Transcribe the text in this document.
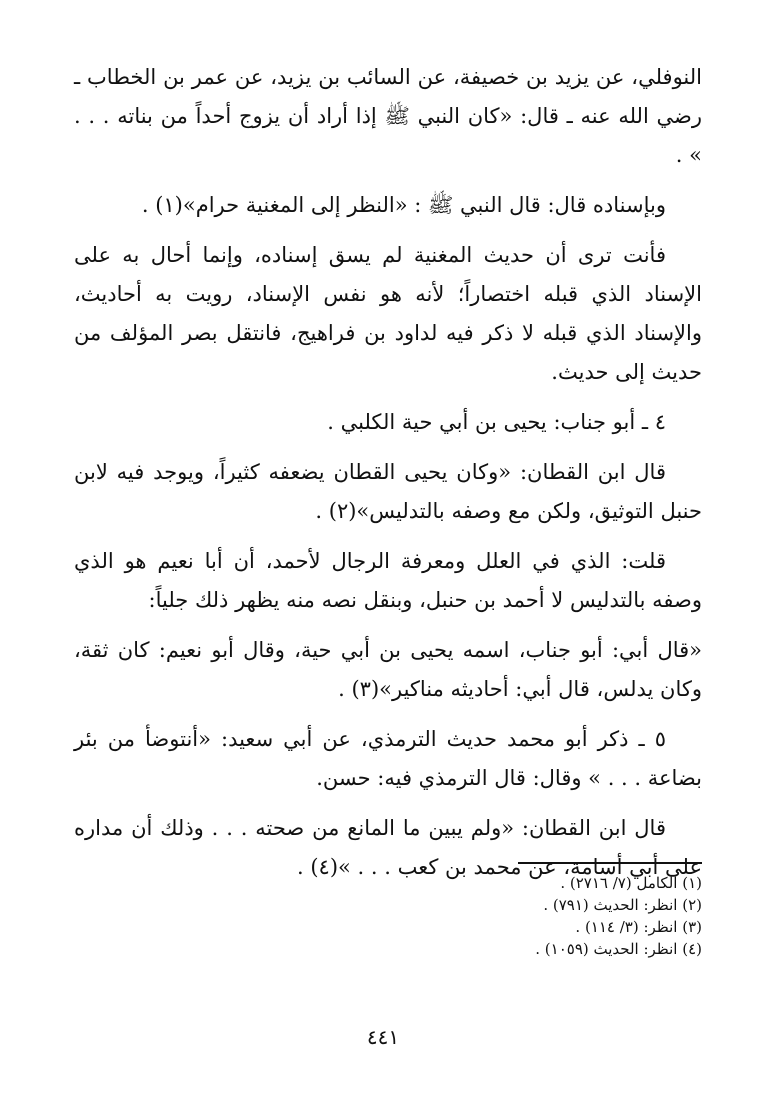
النوفلي، عن يزيد بن خصيفة، عن السائب بن يزيد، عن عمر بن الخطاب ـ رضي الله عنه ـ قال: «كان النبي ﷺ إذا أراد أن يزوج أحداً من بناته . . . » .

وبإسناده قال: قال النبي ﷺ : «النظر إلى المغنية حرام»(١) .

فأنت ترى أن حديث المغنية لم يسق إسناده، وإنما أحال به على الإسناد الذي قبله اختصاراً؛ لأنه هو نفس الإسناد، رويت به أحاديث، والإسناد الذي قبله لا ذكر فيه لداود بن فراهيج، فانتقل بصر المؤلف من حديث إلى حديث.

٤ ـ أبو جناب: يحيى بن أبي حية الكلبي .

قال ابن القطان: «وكان يحيى القطان يضعفه كثيراً، ويوجد فيه لابن حنبل التوثيق، ولكن مع وصفه بالتدليس»(٢) .

قلت: الذي في العلل ومعرفة الرجال لأحمد، أن أبا نعيم هو الذي وصفه بالتدليس لا أحمد بن حنبل، وبنقل نصه منه يظهر ذلك جلياً:

«قال أبي: أبو جناب، اسمه يحيى بن أبي حية، وقال أبو نعيم: كان ثقة، وكان يدلس، قال أبي: أحاديثه مناكير»(٣) .

٥ ـ ذكر أبو محمد حديث الترمذي، عن أبي سعيد: «أنتوضأ من بئر بضاعة . . . » وقال: قال الترمذي فيه: حسن.

قال ابن القطان: «ولم يبين ما المانع من صحته . . . وذلك أن مداره على أبي أسامة، عن محمد بن كعب . . . »(٤) .

(١) الكامل (٧/ ٢٧١٦) .

(٢) انظر: الحديث (٧٩١) .

(٣) انظر: (٣/ ١١٤) .

(٤) انظر: الحديث (١٠٥٩) .

٤٤١
